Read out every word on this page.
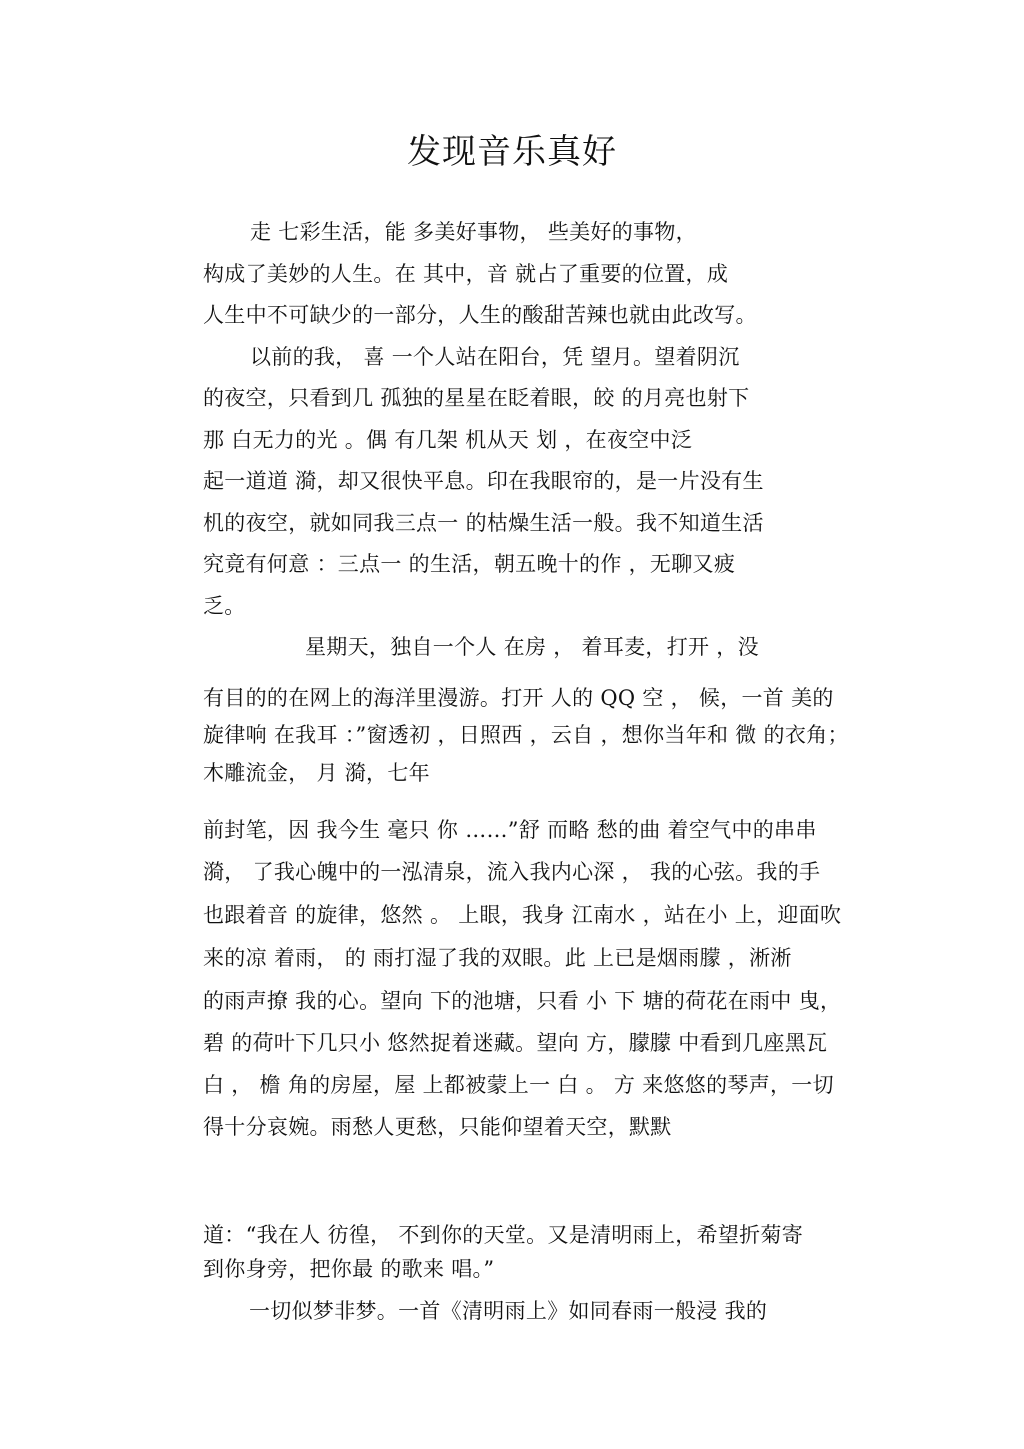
发现音乐真好
走 七彩生活，能 多美好事物， 些美好的事物，
构成了美妙的人生。在 其中，音 就占了重要的位置，成
人生中不可缺少的一部分，人生的酸甜苦辣也就由此改写。
以前的我， 喜 一个人站在阳台，凭 望月。望着阴沉
的夜空，只看到几 孤独的星星在眨着眼，皎 的月亮也射下
那 白无力的光 。偶 有几架 机从天 划 ，在夜空中泛
起一道道 漪，却又很快平息。印在我眼帘的，是一片没有生
机的夜空，就如同我三点一 的枯燥生活一般。我不知道生活
究竟有何意 ：三点一 的生活，朝五晚十的作 ，无聊又疲
乏。
星期天，独自一个人 在房 ， 着耳麦，打开 ，没
有目的的在网上的海洋里漫游。打开 人的 QQ 空 ， 候，一首 美的
旋律响 在我耳 ：”窗透初 ，日照西 ，云自 ，想你当年和 微 的衣角；
木雕流金， 月 漪，七年
前封笔，因 我今生 毫只 你 ……”舒 而略 愁的曲 着空气中的串串
漪， 了我心魄中的一泓清泉，流入我内心深 ， 我的心弦。我的手
也跟着音 的旋律，悠然 。 上眼，我身 江南水 ，站在小 上，迎面吹
来的凉 着雨， 的 雨打湿了我的双眼。此 上已是烟雨朦 ，淅淅
的雨声撩 我的心。望向 下的池塘，只看 小 下 塘的荷花在雨中 曳，
碧 的荷叶下几只小 悠然捉着迷藏。望向 方，朦朦 中看到几座黑瓦
白 ， 檐 角的房屋，屋 上都被蒙上一 白 。 方 来悠悠的琴声，一切
得十分哀婉。雨愁人更愁，只能仰望着天空，默默
道：“我在人 彷徨， 不到你的天堂。又是清明雨上，希望折菊寄
到你身旁，把你最 的歌来 唱。”
一切似梦非梦。一首《清明雨上》如同春雨一般浸 我的
